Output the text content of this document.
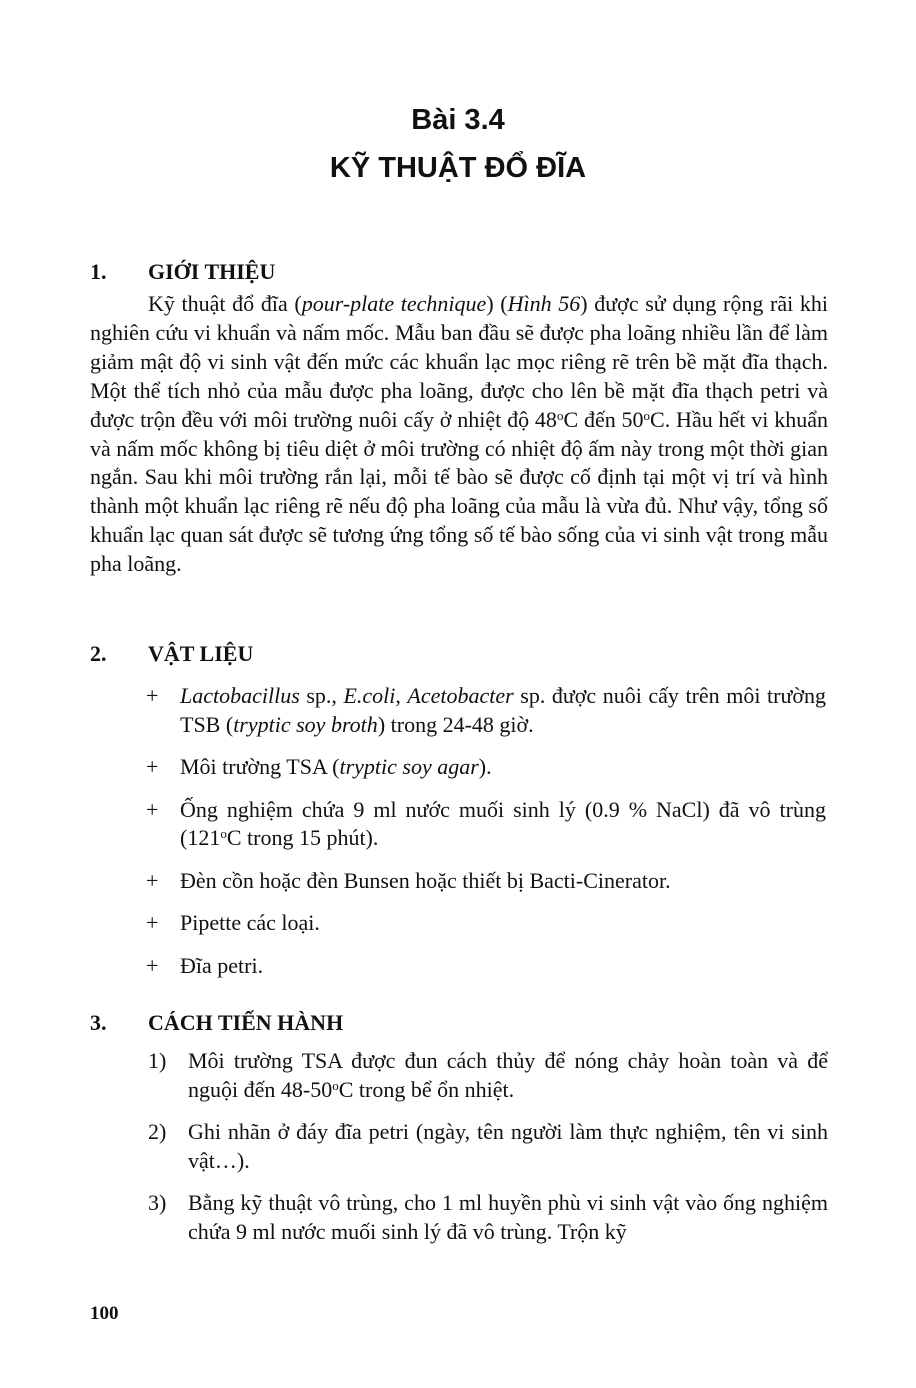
Bài 3.4
KỸ THUẬT ĐỔ ĐĨA
1.	GIỚI THIỆU

Kỹ thuật đổ đĩa (pour-plate technique) (Hình 56) được sử dụng rộng rãi khi nghiên cứu vi khuẩn và nấm mốc. Mẫu ban đầu sẽ được pha loãng nhiều lần để làm giảm mật độ vi sinh vật đến mức các khuẩn lạc mọc riêng rẽ trên bề mặt đĩa thạch. Một thể tích nhỏ của mẫu được pha loãng, được cho lên bề mặt đĩa thạch petri và được trộn đều với môi trường nuôi cấy ở nhiệt độ 48$^o$C đến 50$^o$C. Hầu hết vi khuẩn và nấm mốc không bị tiêu diệt ở môi trường có nhiệt độ ấm này trong một thời gian ngắn. Sau khi môi trường rắn lại, mỗi tế bào sẽ được cố định tại một vị trí và hình thành một khuẩn lạc riêng rẽ nếu độ pha loãng của mẫu là vừa đủ. Như vậy, tổng số khuẩn lạc quan sát được sẽ tương ứng tổng số tế bào sống của vi sinh vật trong mẫu pha loãng.

2.	VẬT LIỆU
+ Lactobacillus sp., E.coli, Acetobacter sp. được nuôi cấy trên môi trường TSB (tryptic soy broth) trong 24-48 giờ.
+ Môi trường TSA (tryptic soy agar).
+ Ống nghiệm chứa 9 ml nước muối sinh lý (0.9 % NaCl) đã vô trùng (121$^o$C trong 15 phút).
+ Đèn cồn hoặc đèn Bunsen hoặc thiết bị Bacti-Cinerator.
+ Pipette các loại.
+ Đĩa petri.
3.	CÁCH TIẾN HÀNH
1) Môi trường TSA được đun cách thủy để nóng chảy hoàn toàn và để nguội đến 48-50$^o$C trong bể ổn nhiệt.
2) Ghi nhãn ở đáy đĩa petri (ngày, tên người làm thực nghiệm, tên vi sinh vật…).
3) Bằng kỹ thuật vô trùng, cho 1 ml huyền phù vi sinh vật vào ống nghiệm chứa 9 ml nước muối sinh lý đã vô trùng. Trộn kỹ
100
